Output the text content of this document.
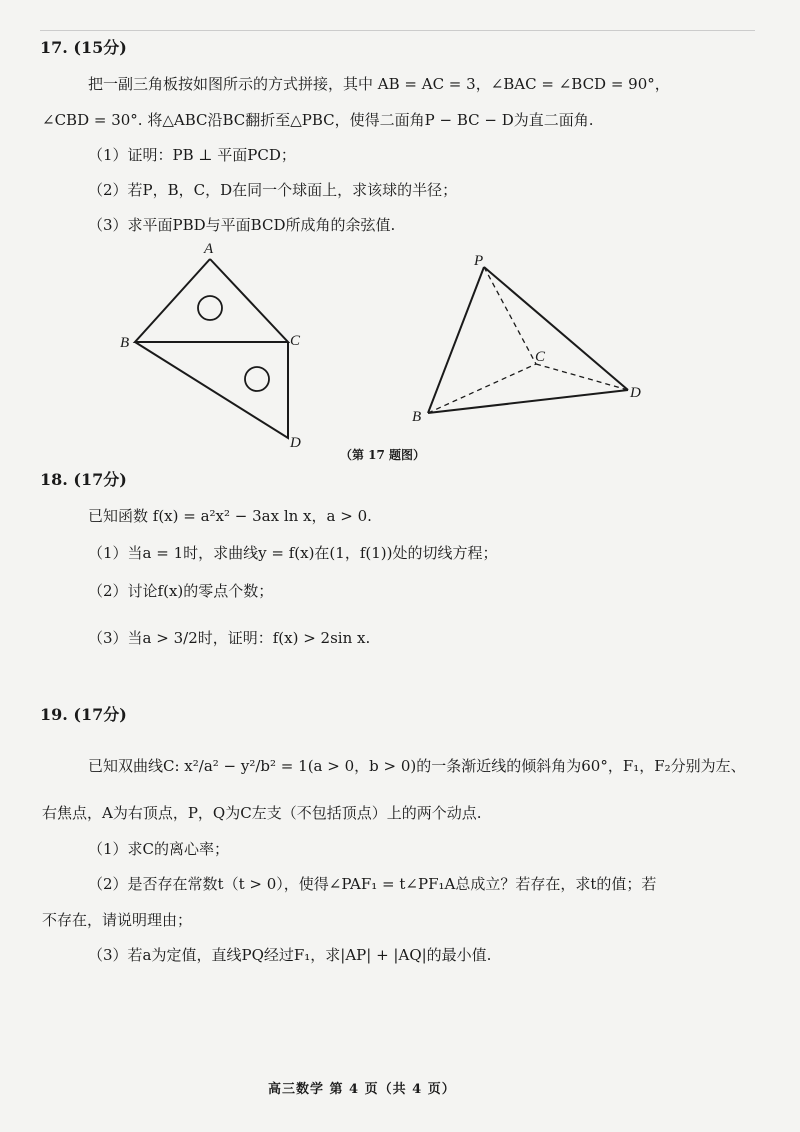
17. (15分)
把一副三角板按如图所示的方式拼接，其中 AB = AC = 3，∠BAC = ∠BCD = 90°，
∠CBD = 30°. 将△ABC沿BC翻折至△PBC，使得二面角P − BC − D为直二面角.
（1）证明：PB ⊥ 平面PCD；
（2）若P，B，C，D在同一个球面上，求该球的半径；
（3）求平面PBD与平面BCD所成角的余弦值.
A
B	C
D
P
B
C
D
（第 17 题图）
18. (17分)
已知函数 f(x) = a²x² − 3ax ln x，a > 0.
（1）当a = 1时，求曲线y = f(x)在(1，f(1))处的切线方程；
（2）讨论f(x)的零点个数；
（3）当a > 3/2时，证明：f(x) > 2sin x.
19. (17分)
已知双曲线C: x²/a² − y²/b² = 1(a > 0，b > 0)的一条渐近线的倾斜角为60°，F₁，F₂分别为左、
右焦点，A为右顶点，P，Q为C左支（不包括顶点）上的两个动点.
（1）求C的离心率；
（2）是否存在常数t（t > 0），使得∠PAF₁ = t∠PF₁A总成立？若存在，求t的值；若
不存在，请说明理由；
（3）若a为定值，直线PQ经过F₁，求|AP| + |AQ|的最小值.
高三数学 第 4 页（共 4 页）
